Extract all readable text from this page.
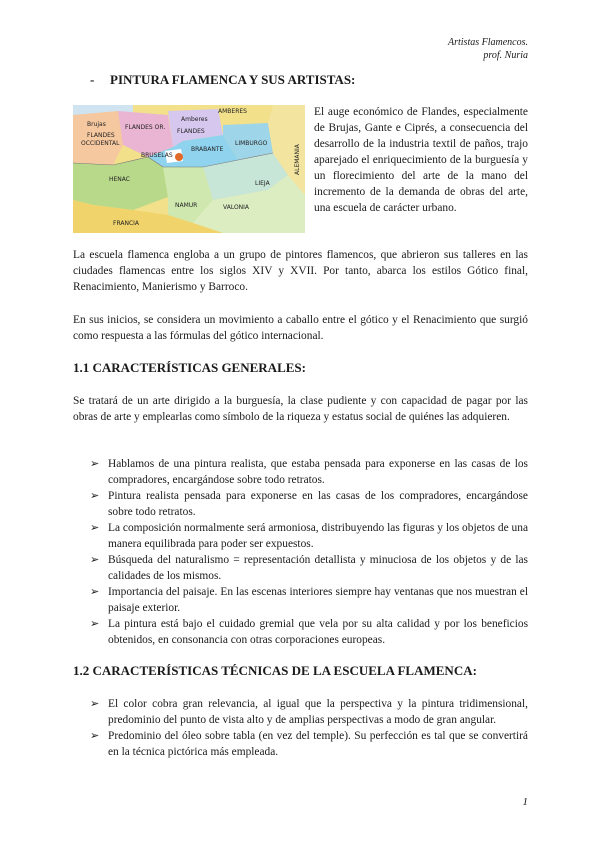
Artistas Flamencos.
prof. Nuria
- PINTURA FLAMENCA Y SUS ARTISTAS:
Brujas
FLANDES
OCCIDENTAL
FLANDES OR.
Amberes
AMBERES
FLANDES
LIMBURGO
BRUSELAS
BRABANTE
HENAC
NAMUR
LIEJA
VALONIA
FRANCIA
ALEMANIA
El auge económico de Flandes, especialmente de Brujas, Gante e Ciprés, a consecuencia del desarrollo de la industria textil de paños, trajo aparejado el enriquecimiento de la burguesía y un florecimiento del arte de la mano del incremento de la demanda de obras del arte, una escuela de carácter urbano.
La escuela flamenca engloba a un grupo de pintores flamencos, que abrieron sus talleres en las ciudades flamencas entre los siglos XIV y XVII. Por tanto, abarca los estilos Gótico final, Renacimiento, Manierismo y Barroco.
En sus inicios, se considera un movimiento a caballo entre el gótico y el Renacimiento que surgió como respuesta a las fórmulas del gótico internacional.
1.1 CARACTERÍSTICAS GENERALES:
Se tratará de un arte dirigido a la burguesía, la clase pudiente y con capacidad de pagar por las obras de arte y emplearlas como símbolo de la riqueza y estatus social de quiénes las adquieren.
➢ Hablamos de una pintura realista, que estaba pensada para exponerse en las casas de los compradores, encargándose sobre todo retratos.
➢ Pintura realista pensada para exponerse en las casas de los compradores, encargándose sobre todo retratos.
➢ La composición normalmente será armoniosa, distribuyendo las figuras y los objetos de una manera equilibrada para poder ser expuestos.
➢ Búsqueda del naturalismo = representación detallista y minuciosa de los objetos y de las calidades de los mismos.
➢ Importancia del paisaje. En las escenas interiores siempre hay ventanas que nos muestran el paisaje exterior.
➢ La pintura está bajo el cuidado gremial que vela por su alta calidad y por los beneficios obtenidos, en consonancia con otras corporaciones europeas.
1.2 CARACTERÍSTICAS TÉCNICAS DE LA ESCUELA FLAMENCA:
➢ El color cobra gran relevancia, al igual que la perspectiva y la pintura tridimensional, predominio del punto de vista alto y de amplias perspectivas a modo de gran angular.
➢ Predominio del óleo sobre tabla (en vez del temple). Su perfección es tal que se convertirá en la técnica pictórica más empleada.
1
